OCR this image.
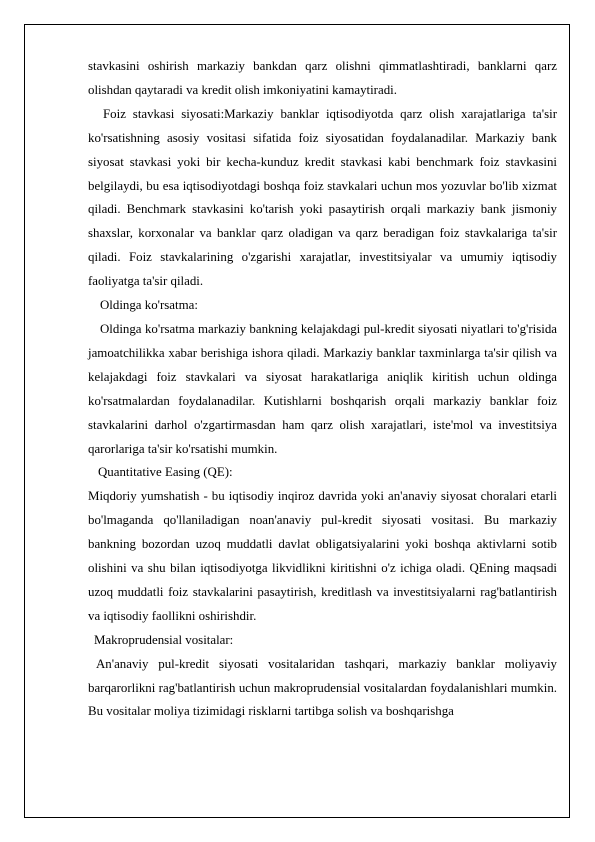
stavkasini oshirish markaziy bankdan qarz olishni qimmatlashtiradi, banklarni qarz olishdan qaytaradi va kredit olish imkoniyatini kamaytiradi.

Foiz stavkasi siyosati:Markaziy banklar iqtisodiyotda qarz olish xarajatlariga ta'sir ko'rsatishning asosiy vositasi sifatida foiz siyosatidan foydalanadilar. Markaziy bank siyosat stavkasi yoki bir kecha-kunduz kredit stavkasi kabi benchmark foiz stavkasini belgilaydi, bu esa iqtisodiyotdagi boshqa foiz stavkalari uchun mos yozuvlar bo'lib xizmat qiladi. Benchmark stavkasini ko'tarish yoki pasaytirish orqali markaziy bank jismoniy shaxslar, korxonalar va banklar qarz oladigan va qarz beradigan foiz stavkalariga ta'sir qiladi. Foiz stavkalarining o'zgarishi xarajatlar, investitsiyalar va umumiy iqtisodiy faoliyatga ta'sir qiladi.

Oldinga ko'rsatma:

Oldinga ko'rsatma markaziy bankning kelajakdagi pul-kredit siyosati niyatlari to'g'risida jamoatchilikka xabar berishiga ishora qiladi. Markaziy banklar taxminlarga ta'sir qilish va kelajakdagi foiz stavkalari va siyosat harakatlariga aniqlik kiritish uchun oldinga ko'rsatmalardan foydalanadilar. Kutishlarni boshqarish orqali markaziy banklar foiz stavkalarini darhol o'zgartirmasdan ham qarz olish xarajatlari, iste'mol va investitsiya qarorlariga ta'sir ko'rsatishi mumkin.

Quantitative Easing (QE):

Miqdoriy yumshatish - bu iqtisodiy inqiroz davrida yoki an'anaviy siyosat choralari etarli bo'lmaganda qo'llaniladigan noan'anaviy pul-kredit siyosati vositasi. Bu markaziy bankning bozordan uzoq muddatli davlat obligatsiyalarini yoki boshqa aktivlarni sotib olishini va shu bilan iqtisodiyotga likvidlikni kiritishni o'z ichiga oladi. QEning maqsadi uzoq muddatli foiz stavkalarini pasaytirish, kreditlash va investitsiyalarni rag'batlantirish va iqtisodiy faollikni oshirishdir.

Makroprudensial vositalar:

An'anaviy pul-kredit siyosati vositalaridan tashqari, markaziy banklar moliyaviy barqarorlikni rag'batlantirish uchun makroprudensial vositalardan foydalanishlari mumkin. Bu vositalar moliya tizimidagi risklarni tartibga solish va boshqarishga
